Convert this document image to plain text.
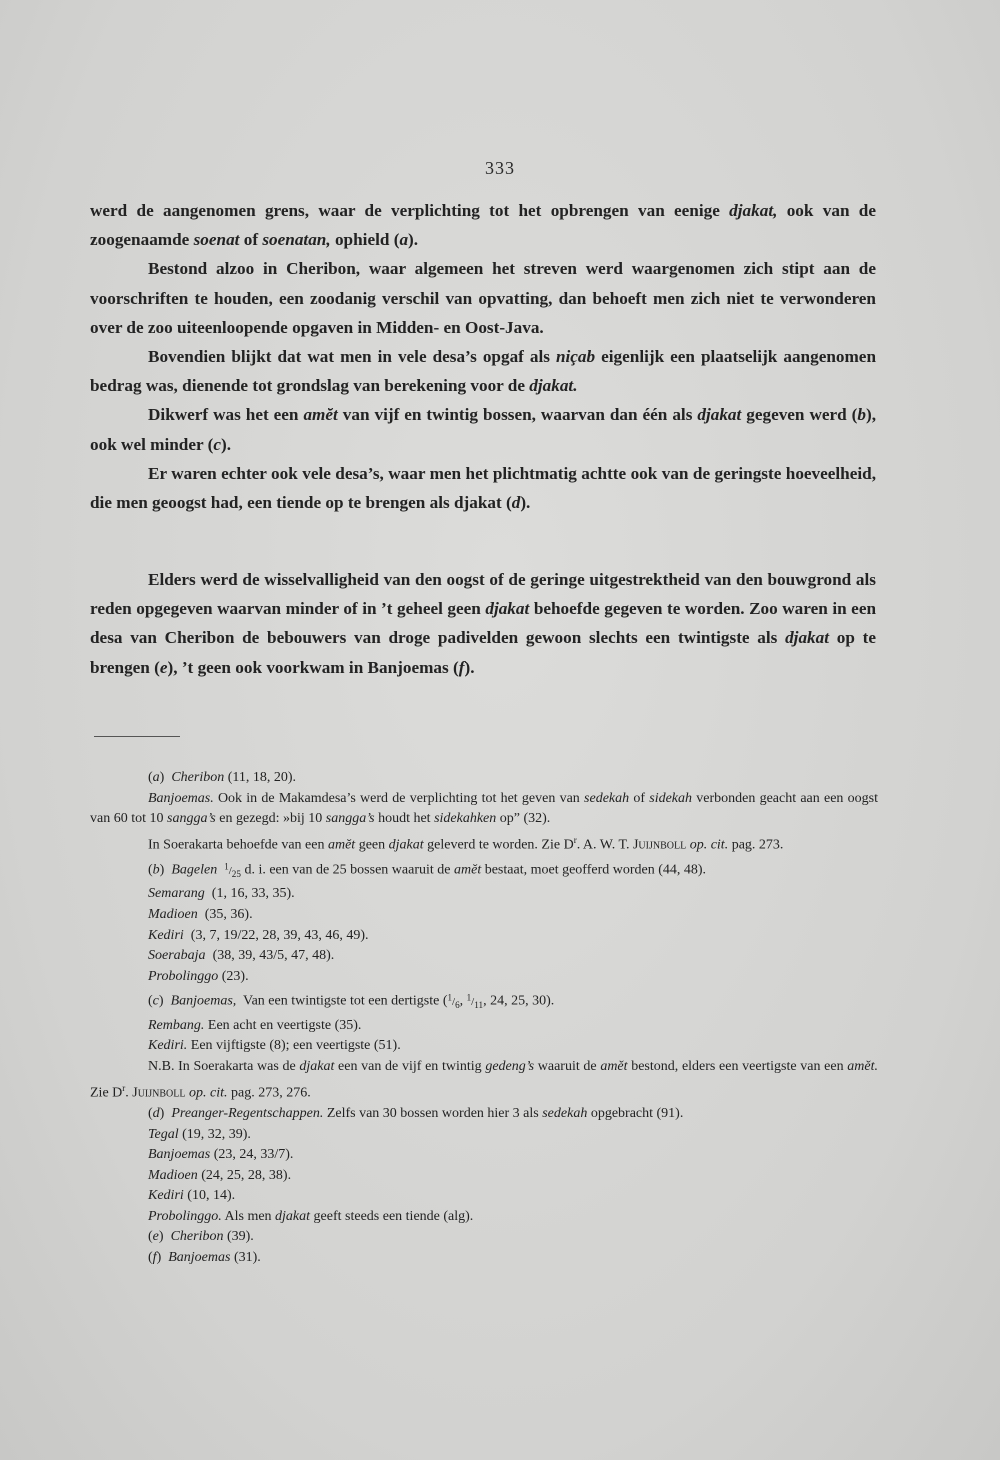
333

werd de aangenomen grens, waar de verplichting tot het opbrengen van eenige djakat, ook van de zoogenaamde soenat of soenatan, ophield (a).

Bestond alzoo in Cheribon, waar algemeen het streven werd waargenomen zich stipt aan de voorschriften te houden, een zoodanig verschil van opvatting, dan behoeft men zich niet te verwonderen over de zoo uiteenloopende opgaven in Midden- en Oost-Java.

Bovendien blijkt dat wat men in vele desa’s opgaf als niçab eigenlijk een plaatselijk aangenomen bedrag was, dienende tot grondslag van berekening voor de djakat.

Dikwerf was het een amĕt van vijf en twintig bossen, waarvan dan één als djakat gegeven werd (b), ook wel minder (c).

Er waren echter ook vele desa’s, waar men het plichtmatig achtte ook van de geringste hoeveelheid, die men geoogst had, een tiende op te brengen als djakat (d).

Elders werd de wisselvalligheid van den oogst of de geringe uitgestrektheid van den bouwgrond als reden opgegeven waarvan minder of in ’t geheel geen djakat behoefde gegeven te worden. Zoo waren in een desa van Cheribon de bebouwers van droge padivelden gewoon slechts een twintigste als djakat op te brengen (e), ’t geen ook voorkwam in Banjoemas (f).

(a)  Cheribon (11, 18, 20).
Banjoemas. Ook in de Makamdesa’s werd de verplichting tot het geven van sedekah of sidekah verbonden geacht aan een oogst van 60 tot 10 sangga’s en gezegd: »bij 10 sangga’s houdt het sidekahken op” (32).
In Soerakarta behoefde van een amĕt geen djakat geleverd te worden. Zie $D^r$. A. W. T. Juijnboll op. cit. pag. 273.
(b)  Bagelen $^1/_{25}$ d. i. een van de 25 bossen waaruit de amĕt bestaat, moet geofferd worden (44, 48).
Semarang (1, 16, 33, 35).
Madioen (35, 36).
Kediri (3, 7, 19/22, 28, 39, 43, 46, 49).
Soerabaja (38, 39, 43/5, 47, 48).
Probolinggo (23).
(c)  Banjoemas,  Van een twintigste tot een dertigste ($^1/_6$, $^1/_{11}$, 24, 25, 30).
Rembang. Een acht en veertigste (35).
Kediri. Een vijftigste (8); een veertigste (51).
N.B. In Soerakarta was de djakat een van de vijf en twintig gedeng’s waaruit de amĕt bestond, elders een veertigste van een amĕt. Zie $D^r$. Juijnboll op. cit. pag. 273, 276.
(d)  Preanger-Regentschappen. Zelfs van 30 bossen worden hier 3 als sedekah opgebracht (91).
Tegal (19, 32, 39).
Banjoemas (23, 24, 33/7).
Madioen (24, 25, 28, 38).
Kediri (10, 14).
Probolinggo. Als men djakat geeft steeds een tiende (alg).
(e)  Cheribon (39).
(f)  Banjoemas (31).
